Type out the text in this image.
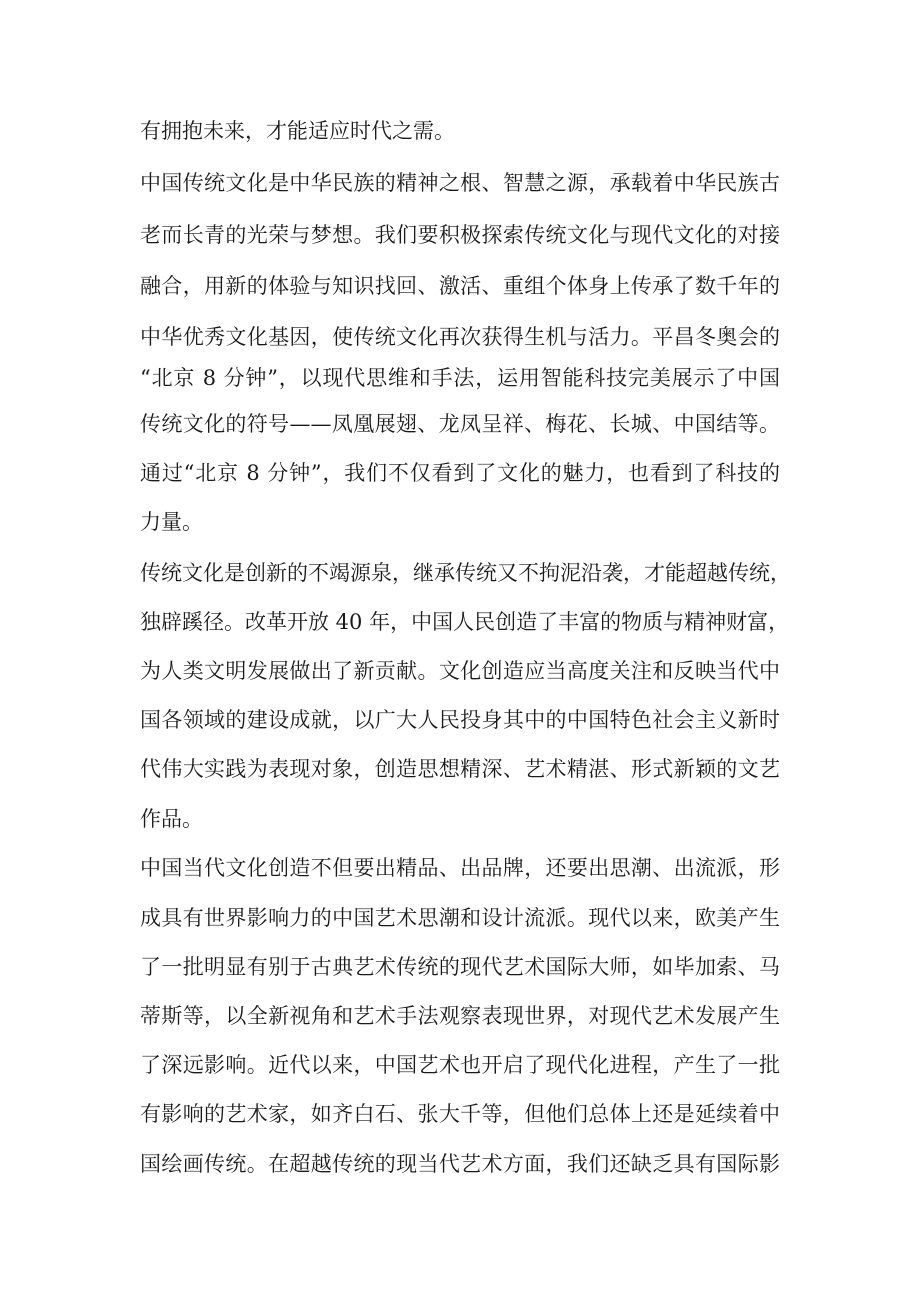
有拥抱未来，才能适应时代之需。
中国传统文化是中华民族的精神之根、智慧之源，承载着中华民族古
老而长青的光荣与梦想。我们要积极探索传统文化与现代文化的对接
融合，用新的体验与知识找回、激活、重组个体身上传承了数千年的
中华优秀文化基因，使传统文化再次获得生机与活力。平昌冬奥会的
“北京 8 分钟”，以现代思维和手法，运用智能科技完美展示了中国
传统文化的符号——凤凰展翅、龙凤呈祥、梅花、长城、中国结等。
通过“北京 8 分钟”，我们不仅看到了文化的魅力，也看到了科技的
力量。
传统文化是创新的不竭源泉，继承传统又不拘泥沿袭，才能超越传统，
独辟蹊径。改革开放 40 年，中国人民创造了丰富的物质与精神财富，
为人类文明发展做出了新贡献。文化创造应当高度关注和反映当代中
国各领域的建设成就，以广大人民投身其中的中国特色社会主义新时
代伟大实践为表现对象，创造思想精深、艺术精湛、形式新颖的文艺
作品。
中国当代文化创造不但要出精品、出品牌，还要出思潮、出流派，形
成具有世界影响力的中国艺术思潮和设计流派。现代以来，欧美产生
了一批明显有别于古典艺术传统的现代艺术国际大师，如毕加索、马
蒂斯等，以全新视角和艺术手法观察表现世界，对现代艺术发展产生
了深远影响。近代以来，中国艺术也开启了现代化进程，产生了一批
有影响的艺术家，如齐白石、张大千等，但他们总体上还是延续着中
国绘画传统。在超越传统的现当代艺术方面，我们还缺乏具有国际影
